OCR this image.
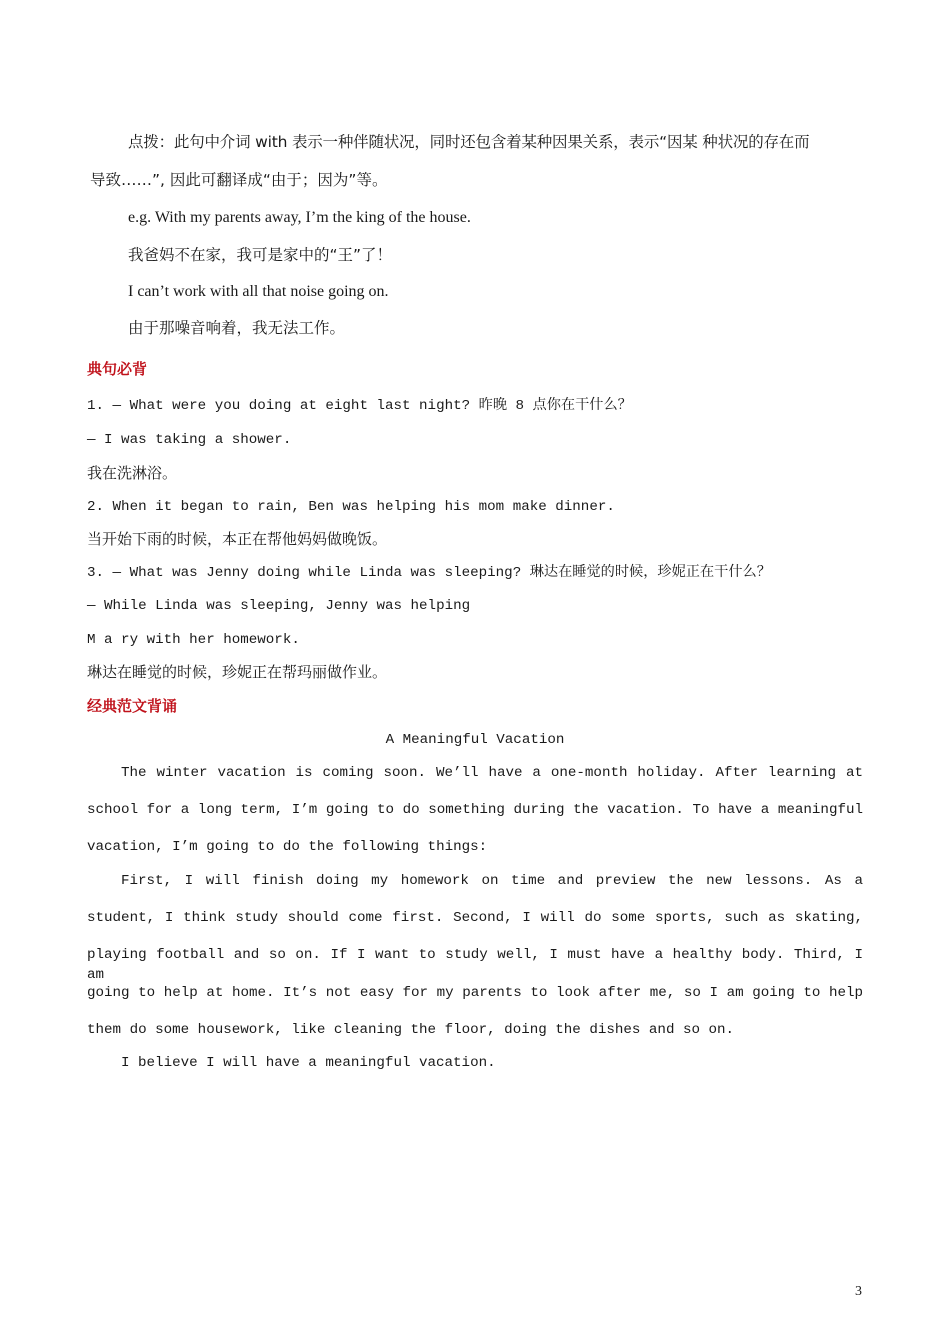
点拨：此句中介词 with 表示一种伴随状况，同时还包含着某种因果关系，表示“因某 种状况的存在而
导致……”, 因此可翻译成“由于；因为”等。
e.g. With my parents away, I’m the king of the house.
我爸妈不在家，我可是家中的“王”了！
I can’t work with all that noise going on.
由于那噪音响着，我无法工作。
典句必背
1. — What were you doing at eight last night? 昨晚 8 点你在干什么？
— I was taking a shower.
我在洗淋浴。
2. When it began to rain, Ben was helping his mom make dinner.
当开始下雨的时候，本正在帮他妈妈做晚饭。
3. — What was Jenny doing while Linda was sleeping? 琳达在睡觉的时候，珍妮正在干什么？
— While Linda was sleeping, Jenny was helping
M a ry with her homework.
琳达在睡觉的时候，珍妮正在帮玛丽做作业。
经典范文背诵
A Meaningful Vacation
The winter vacation is coming soon. We’ll have a one-month holiday. After learning at
school for a long term, I’m going to do something during the vacation. To have a meaningful
vacation, I’m going to do the following things:
First, I will finish doing my homework on time and preview the new lessons. As a
student, I think study should come first. Second, I will do some sports, such as skating,
playing football and so on. If I want to study well, I must have a healthy body. Third, I am
going to help at home. It’s not easy for my parents to look after me, so I am going to help
them do some housework, like cleaning the floor, doing the dishes and so on.
I believe I will have a meaningful vacation.
3
